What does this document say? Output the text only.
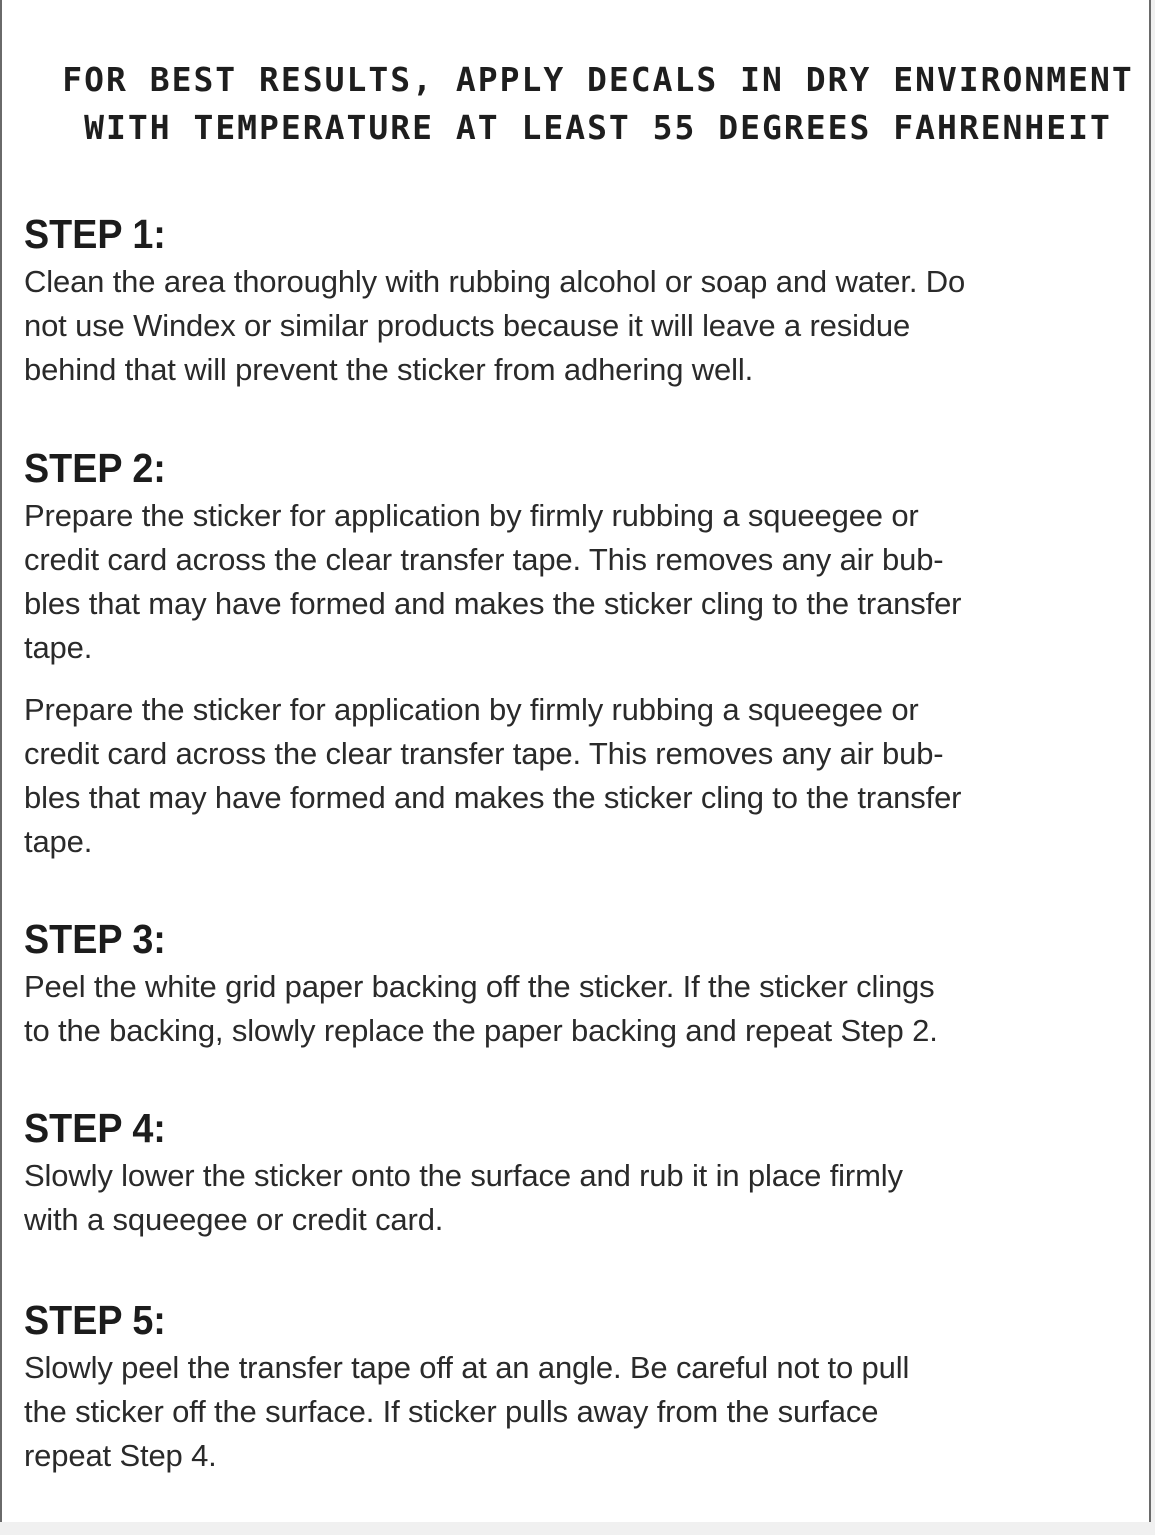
FOR BEST RESULTS, APPLY DECALS IN DRY ENVIRONMENT
WITH TEMPERATURE AT LEAST 55 DEGREES FAHRENHEIT
STEP 1:

Clean the area thoroughly with rubbing alcohol or soap and water. Do
not use Windex or similar products because it will leave a residue
behind that will prevent the sticker from adhering well.

STEP 2:

Prepare the sticker for application by firmly rubbing a squeegee or
credit card across the clear transfer tape. This removes any air bub-
bles that may have formed and makes the sticker cling to the transfer
tape.

Prepare the sticker for application by firmly rubbing a squeegee or
credit card across the clear transfer tape. This removes any air bub-
bles that may have formed and makes the sticker cling to the transfer
tape.

STEP 3:

Peel the white grid paper backing off the sticker. If the sticker clings
to the backing, slowly replace the paper backing and repeat Step 2.

STEP 4:

Slowly lower the sticker onto the surface and rub it in place firmly
with a squeegee or credit card.

STEP 5:

Slowly peel the transfer tape off at an angle. Be careful not to pull
the sticker off the surface. If sticker pulls away from the surface
repeat Step 4.
